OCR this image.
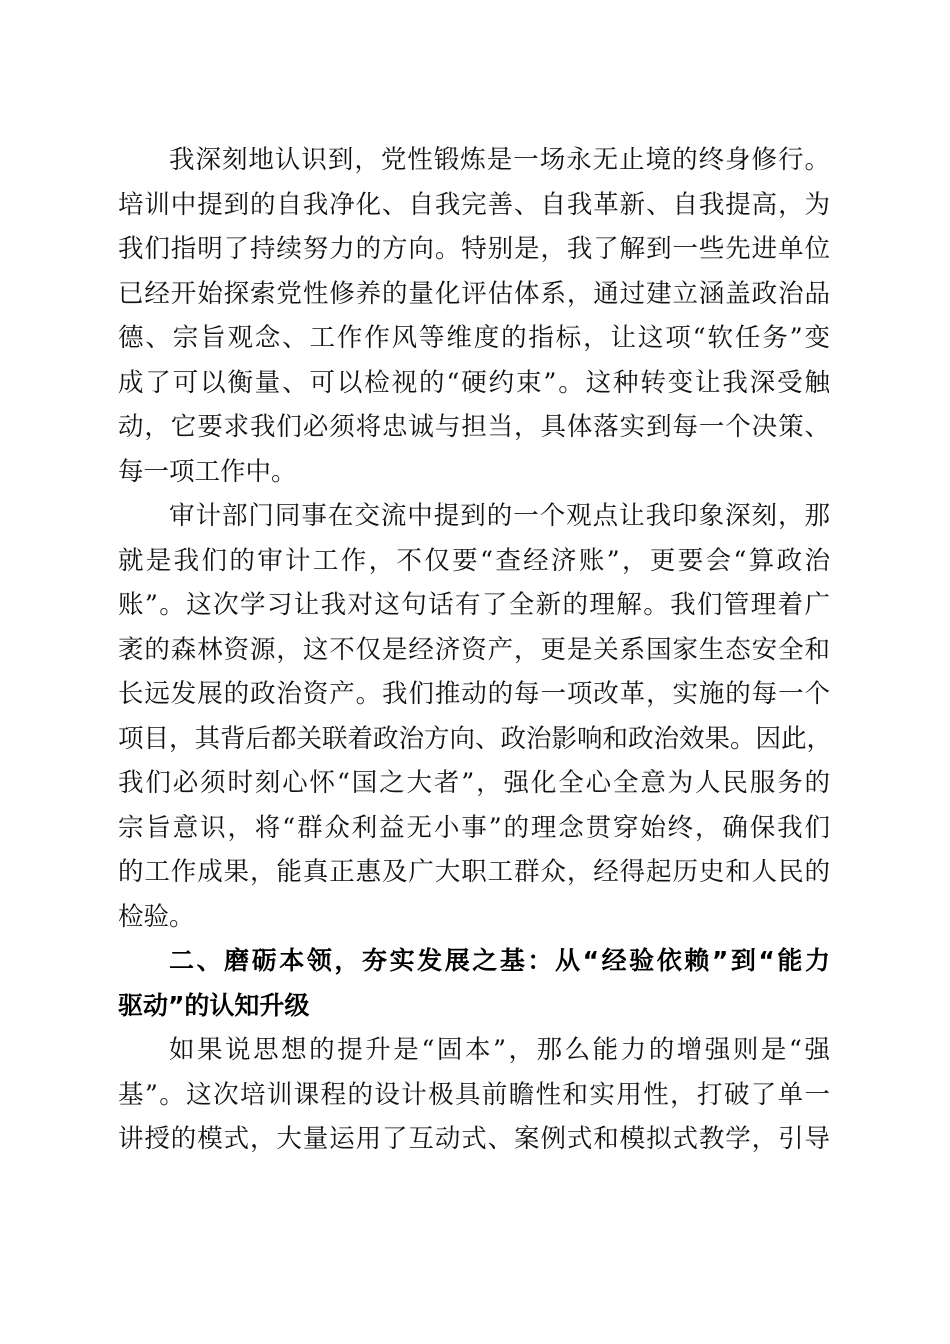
我深刻地认识到，党性锻炼是一场永无止境的终身修行。
培训中提到的自我净化、自我完善、自我革新、自我提高，为
我们指明了持续努力的方向。特别是，我了解到一些先进单位
已经开始探索党性修养的量化评估体系，通过建立涵盖政治品
德、宗旨观念、工作作风等维度的指标，让这项“软任务”变
成了可以衡量、可以检视的“硬约束”。这种转变让我深受触
动，它要求我们必须将忠诚与担当，具体落实到每一个决策、
每一项工作中。
审计部门同事在交流中提到的一个观点让我印象深刻，那
就是我们的审计工作，不仅要“查经济账”，更要会“算政治
账”。这次学习让我对这句话有了全新的理解。我们管理着广
袤的森林资源，这不仅是经济资产，更是关系国家生态安全和
长远发展的政治资产。我们推动的每一项改革，实施的每一个
项目，其背后都关联着政治方向、政治影响和政治效果。因此，
我们必须时刻心怀“国之大者”，强化全心全意为人民服务的
宗旨意识，将“群众利益无小事”的理念贯穿始终，确保我们
的工作成果，能真正惠及广大职工群众，经得起历史和人民的
检验。
二、磨砺本领，夯实发展之基：从“经验依赖”到“能力
驱动”的认知升级
如果说思想的提升是“固本”，那么能力的增强则是“强
基”。这次培训课程的设计极具前瞻性和实用性，打破了单一
讲授的模式，大量运用了互动式、案例式和模拟式教学，引导
